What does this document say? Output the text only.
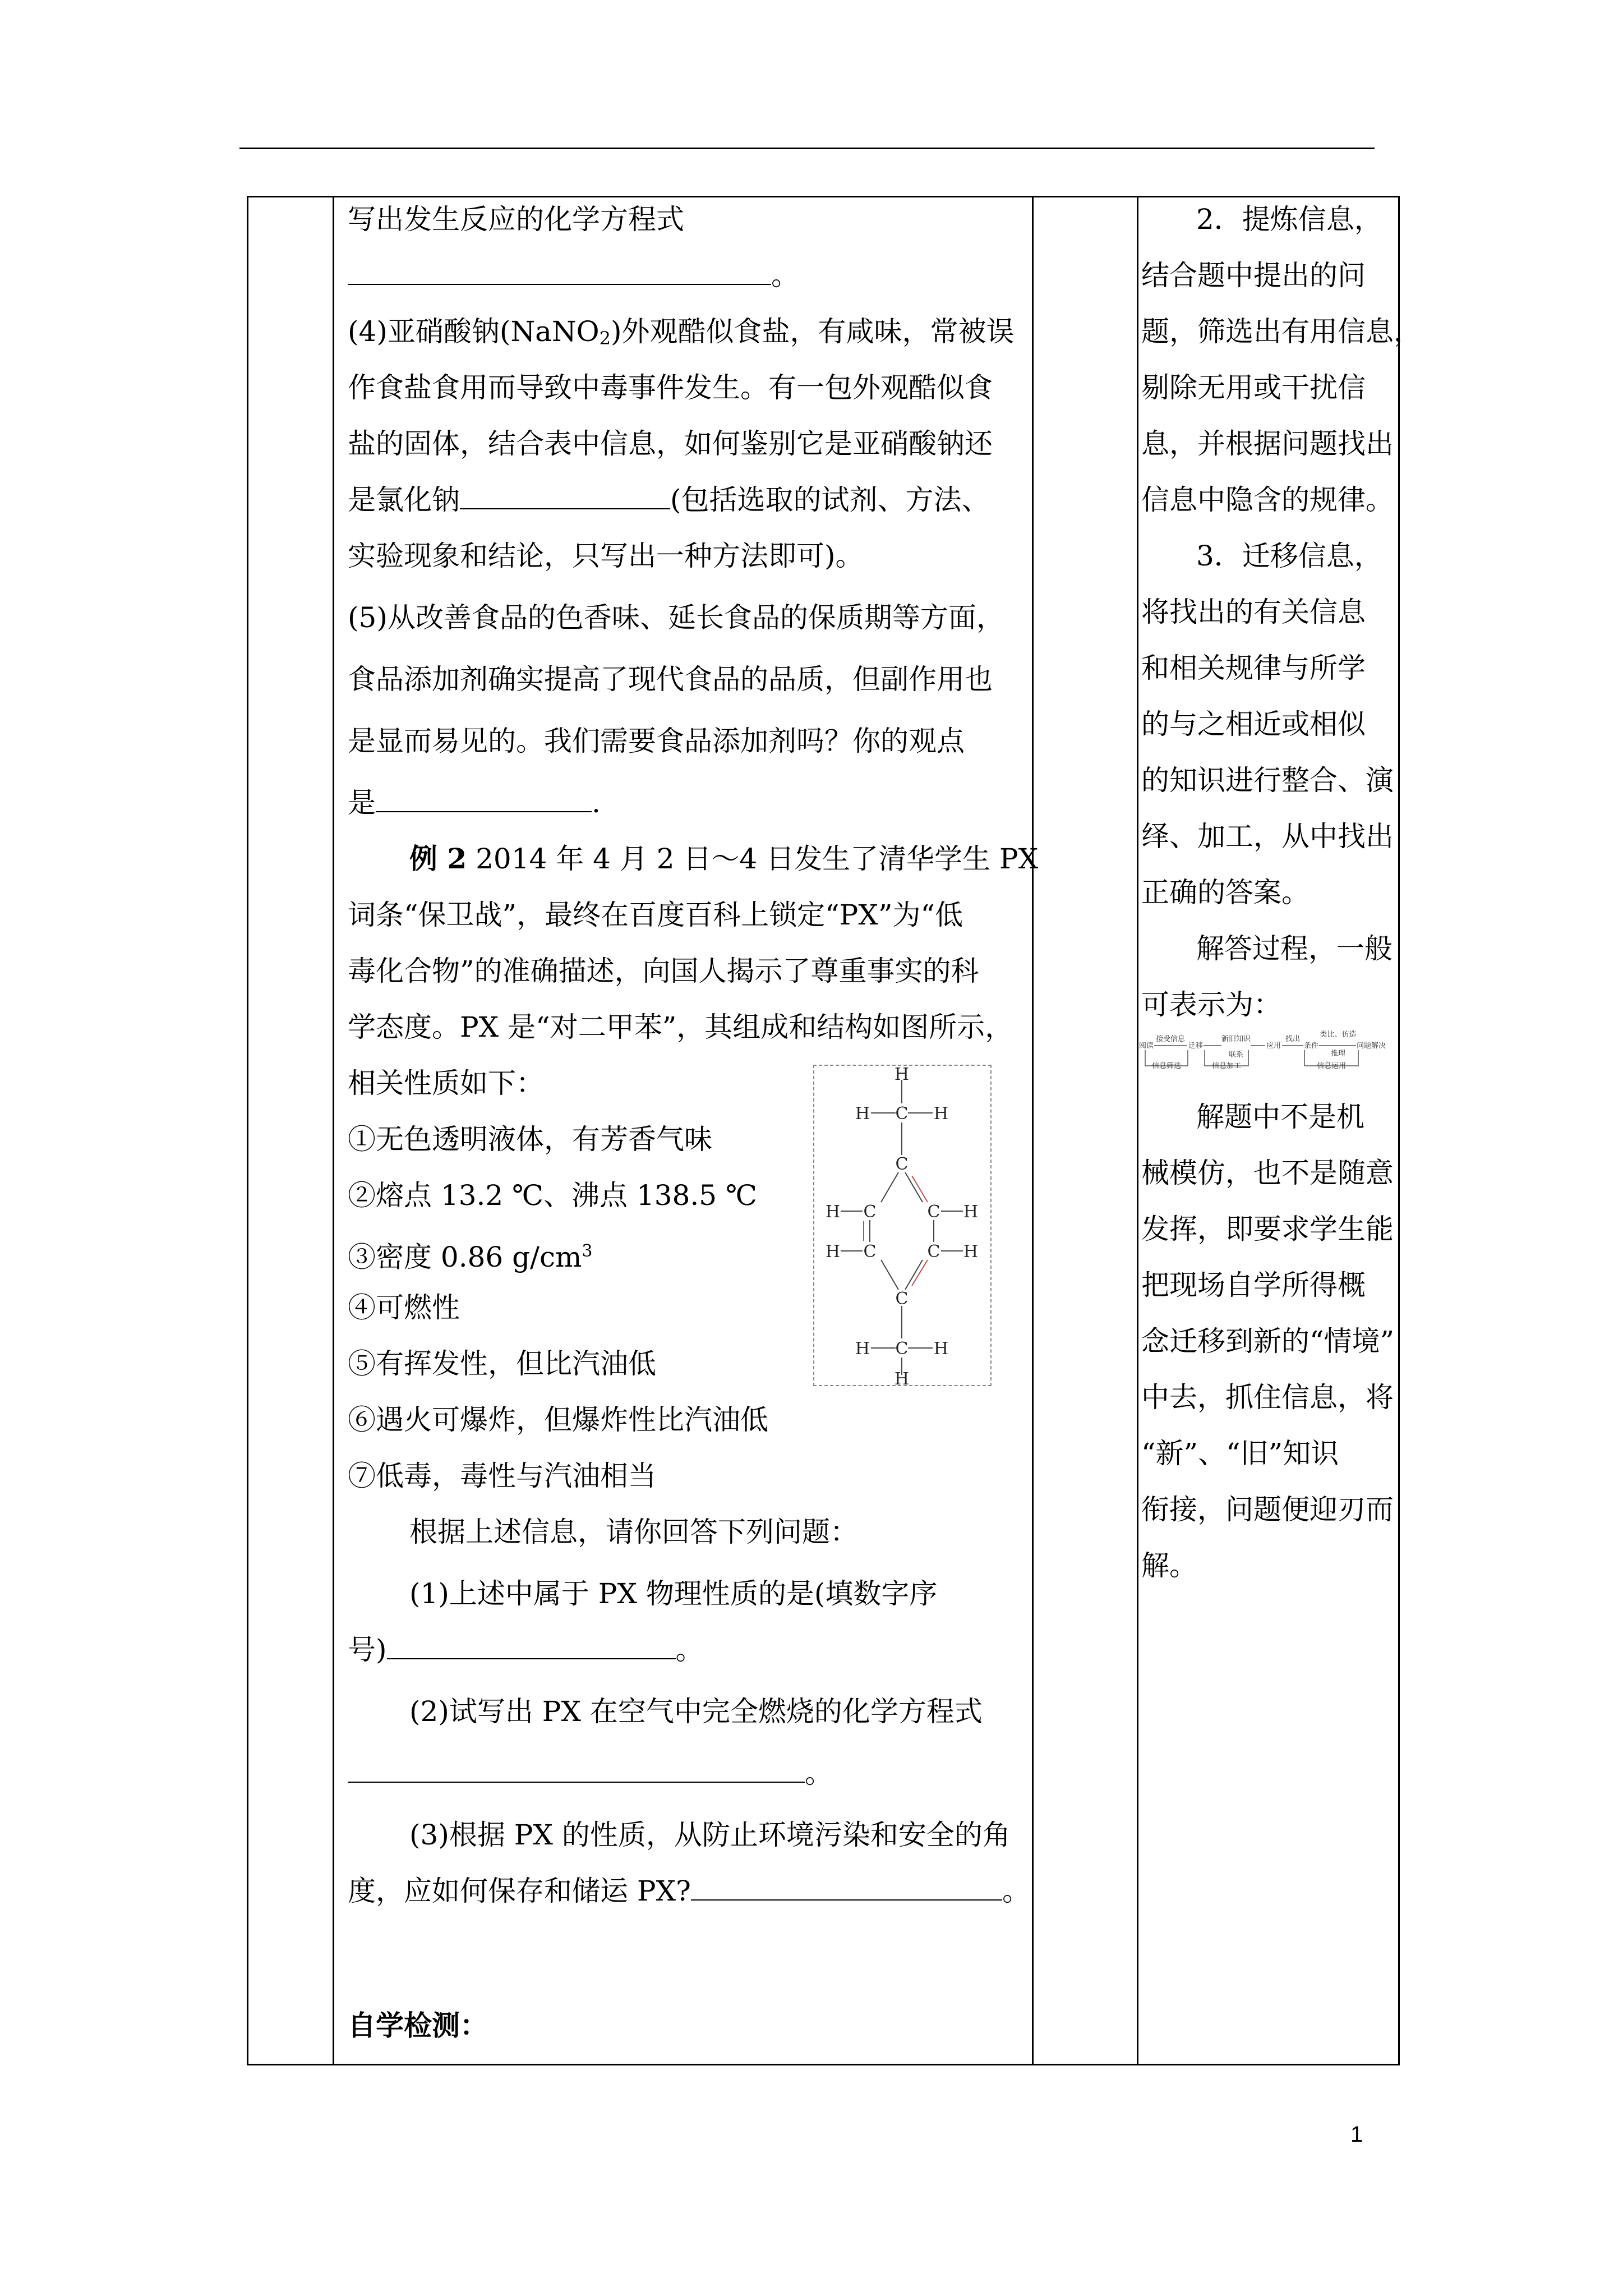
写出发生反应的化学方程式
。
(4)亚硝酸钠(NaNO$_2$)外观酷似食盐，有咸味，常被误
作食盐食用而导致中毒事件发生。有一包外观酷似食
盐的固体，结合表中信息，如何鉴别它是亚硝酸钠还
是氯化钠	(包括选取的试剂、方法、
实验现象和结论，只写出一种方法即可)。
(5)从改善食品的色香味、延长食品的保质期等方面，
食品添加剂确实提高了现代食品的品质，但副作用也
是显而易见的。我们需要食品添加剂吗？你的观点
是	.
例 2 2014 年 4 月 2 日～4 日发生了清华学生 PX
词条“保卫战”，最终在百度百科上锁定“PX”为“低
毒化合物”的准确描述，向国人揭示了尊重事实的科
学态度。PX 是“对二甲苯”，其组成和结构如图所示，
相关性质如下：
①无色透明液体，有芳香气味
②熔点 13.2 ℃、沸点 138.5 ℃
③密度 0.86 $g/cm^3$
④可燃性
⑤有挥发性，但比汽油低
⑥遇火可爆炸，但爆炸性比汽油低
⑦低毒，毒性与汽油相当
根据上述信息，请你回答下列问题：
(1)上述中属于 PX 物理性质的是(填数字序
号)	。
(2)试写出 PX 在空气中完全燃烧的化学方程式
。
(3)根据 PX 的性质，从防止环境污染和安全的角
度，应如何保存和储运 PX?	。
自学检测：
H
H C H
C
H C	C H
H C	C H
C
H C H
H
2．提炼信息，
结合题中提出的问
题，筛选出有用信息，
剔除无用或干扰信
息，并根据问题找出
信息中隐含的规律。
3．迁移信息，
将找出的有关信息
和相关规律与所学
的与之相近或相似
的知识进行整合、演
绎、加工，从中找出
正确的答案。
解答过程，一般
可表示为：
解题中不是机
械模仿，也不是随意
发挥，即要求学生能
把现场自学所得概
念迁移到新的“情境”
中去，抓住信息，将
“新”、“旧”知识
衔接，问题便迎刃而
解。
阅读
接受信息
迁移
新旧知识
联系
应用
找出
条件
类比、仿造
推理
问题解决
信息筛选	信息加工	信息运用
1
